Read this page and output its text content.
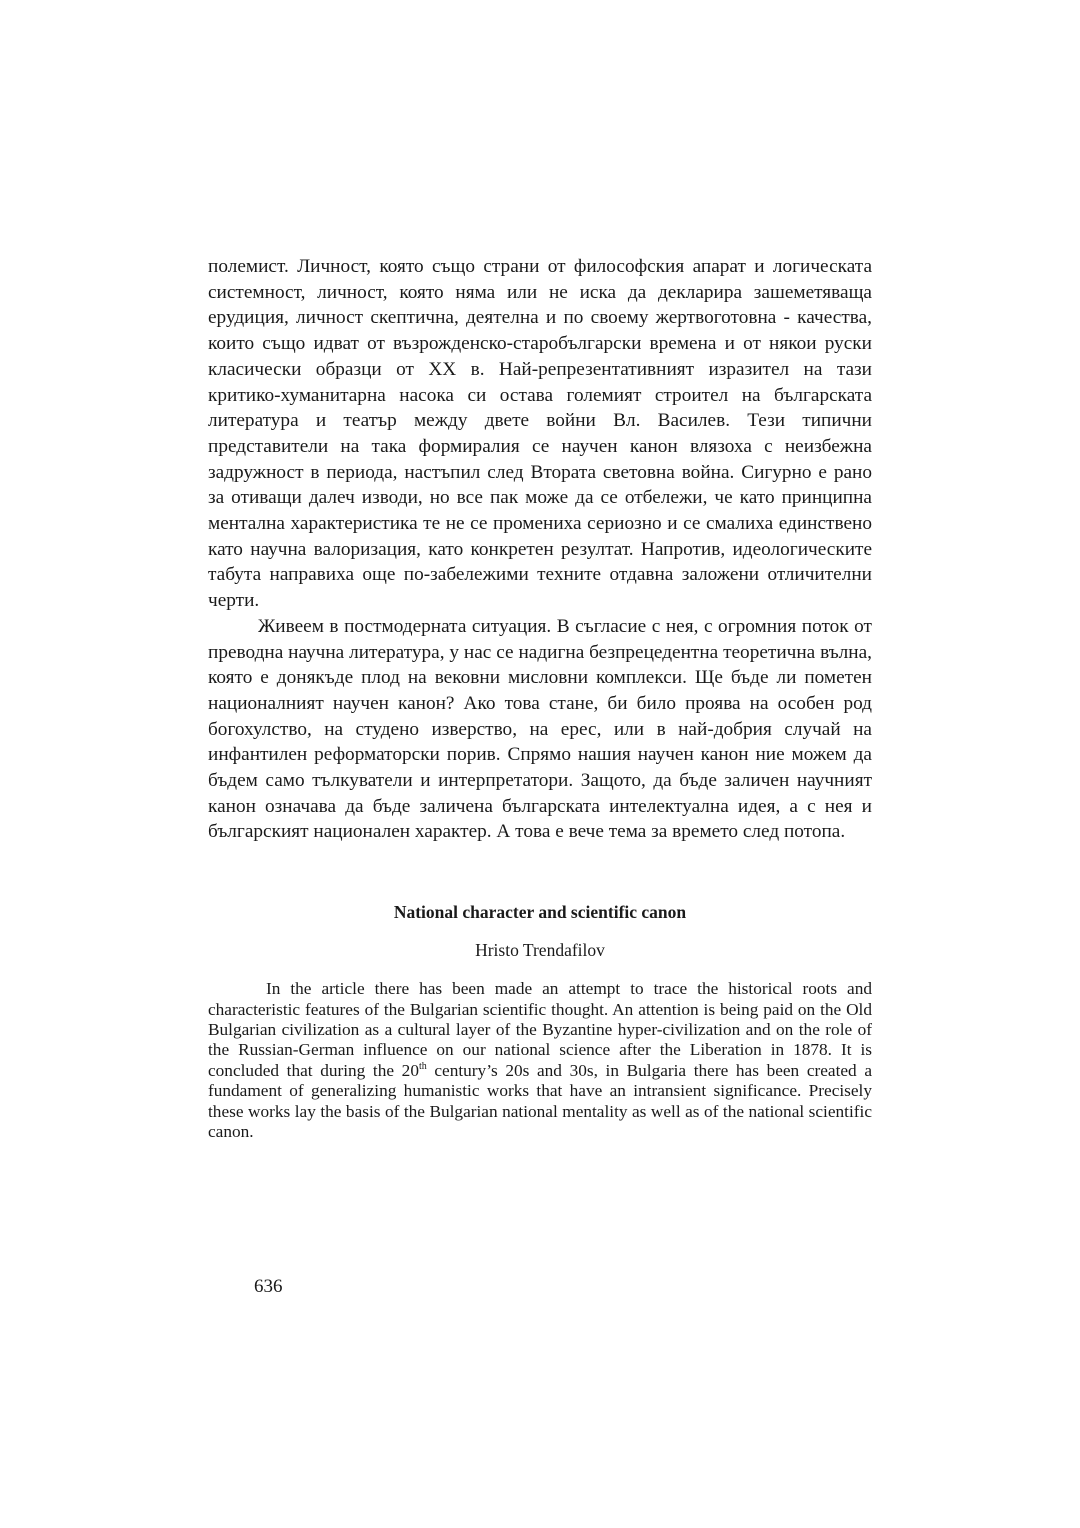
полемист. Личност, която също страни от философския апарат и логическата системност, личност, която няма или не иска да декларира зашеметяваща ерудиция, личност скептична, деятелна и по своему жертвоготовна - качества, които също идват от възрожденско-старобългарски времена и от някои руски класически образци от XX в. Най-репрезентативният изразител на тази критико-хуманитарна насока си остава големият строител на българската литература и театър между двете войни Вл. Василев. Тези типични представители на така формиралия се научен канон влязоха с неизбежна задружност в периода, настъпил след Втората световна война. Сигурно е рано за отиващи далеч изводи, но все пак може да се отбележи, че като принципна ментална характеристика те не се промениха сериозно и се смалиха единствено като научна валоризация, като конкретен резултат. Напротив, идеологическите табута направиха още по-забележими техните отдавна заложени отличителни черти.

Живеем в постмодерната ситуация. В съгласие с нея, с огромния поток от преводна научна литература, у нас се надигна безпрецедентна теоретична вълна, която е донякъде плод на вековни мисловни комплекси. Ще бъде ли пометен националният научен канон? Ако това стане, би било проява на особен род богохулство, на студено изверство, на ерес, или в най-добрия случай на инфантилен реформаторски порив. Спрямо нашия научен канон ние можем да бъдем само тълкуватели и интерпретатори. Защото, да бъде заличен научният канон означава да бъде заличена българската интелектуална идея, а с нея и българският национален характер. А това е вече тема за времето след потопа.

National character and scientific canon
Hristo Trendafilov

In the article there has been made an attempt to trace the historical roots and characteristic features of the Bulgarian scientific thought. An attention is being paid on the Old Bulgarian civilization as a cultural layer of the Byzantine hyper-civilization and on the role of the Russian-German influence on our national science after the Liberation in 1878. It is concluded that during the 20th century’s 20s and 30s, in Bulgaria there has been created a fundament of generalizing humanistic works that have an intransient significance. Precisely these works lay the basis of the Bulgarian national mentality as well as of the national scientific canon.

636
